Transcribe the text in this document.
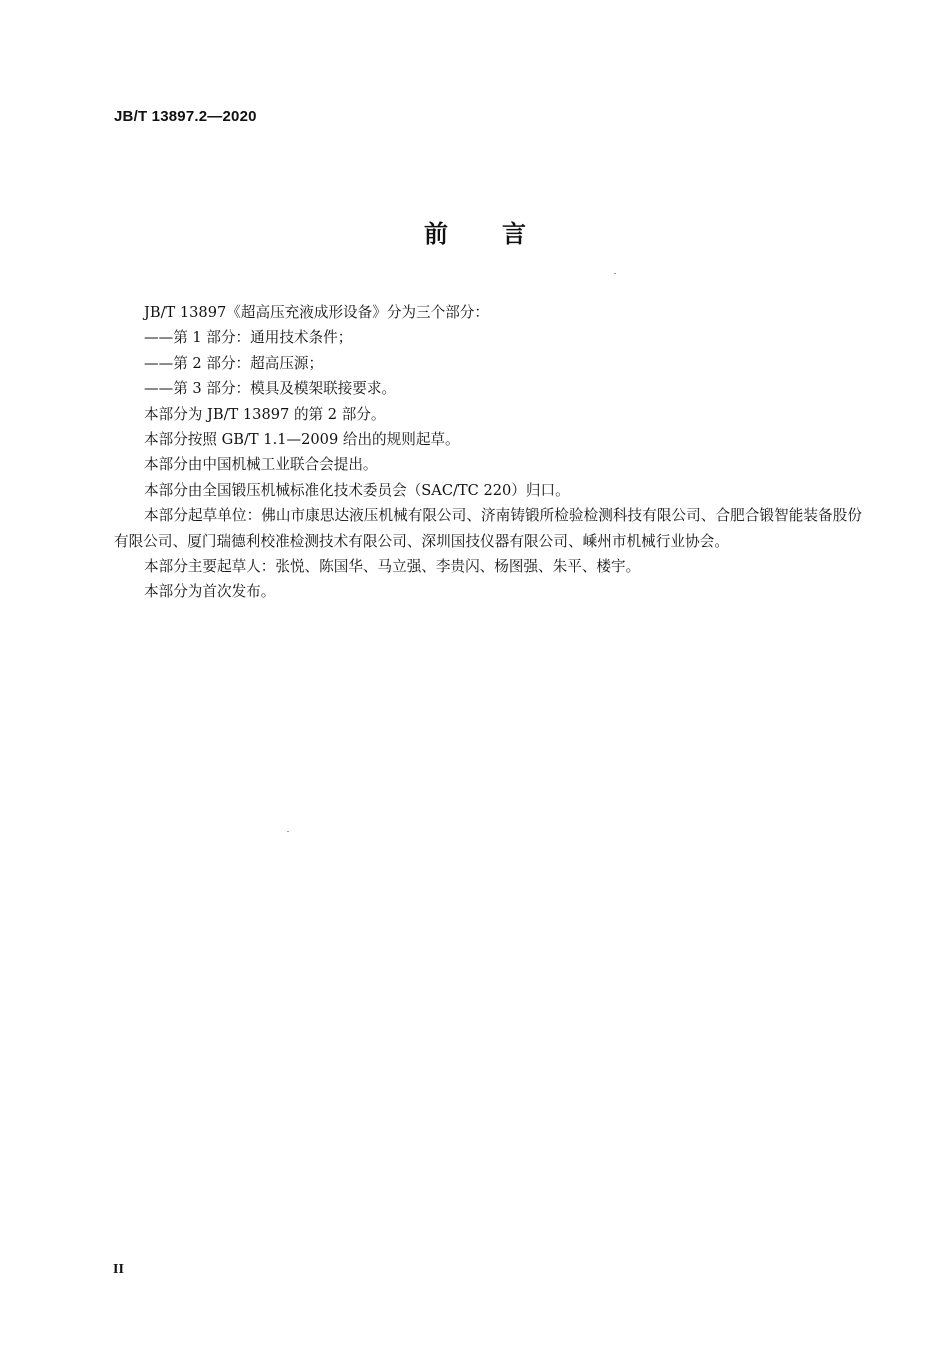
JB/T 13897.2—2020
前言

JB/T 13897《超高压充液成形设备》分为三个部分：

——第 1 部分：通用技术条件；

——第 2 部分：超高压源；

——第 3 部分：模具及模架联接要求。

本部分为 JB/T 13897 的第 2 部分。

本部分按照 GB/T 1.1—2009 给出的规则起草。

本部分由中国机械工业联合会提出。

本部分由全国锻压机械标准化技术委员会（SAC/TC 220）归口。

本部分起草单位：佛山市康思达液压机械有限公司、济南铸锻所检验检测科技有限公司、合肥合锻智能装备股份有限公司、厦门瑞德利校准检测技术有限公司、深圳国技仪器有限公司、嵊州市机械行业协会。

本部分主要起草人：张悦、陈国华、马立强、李贵闪、杨图强、朱平、楼宇。

本部分为首次发布。

II
